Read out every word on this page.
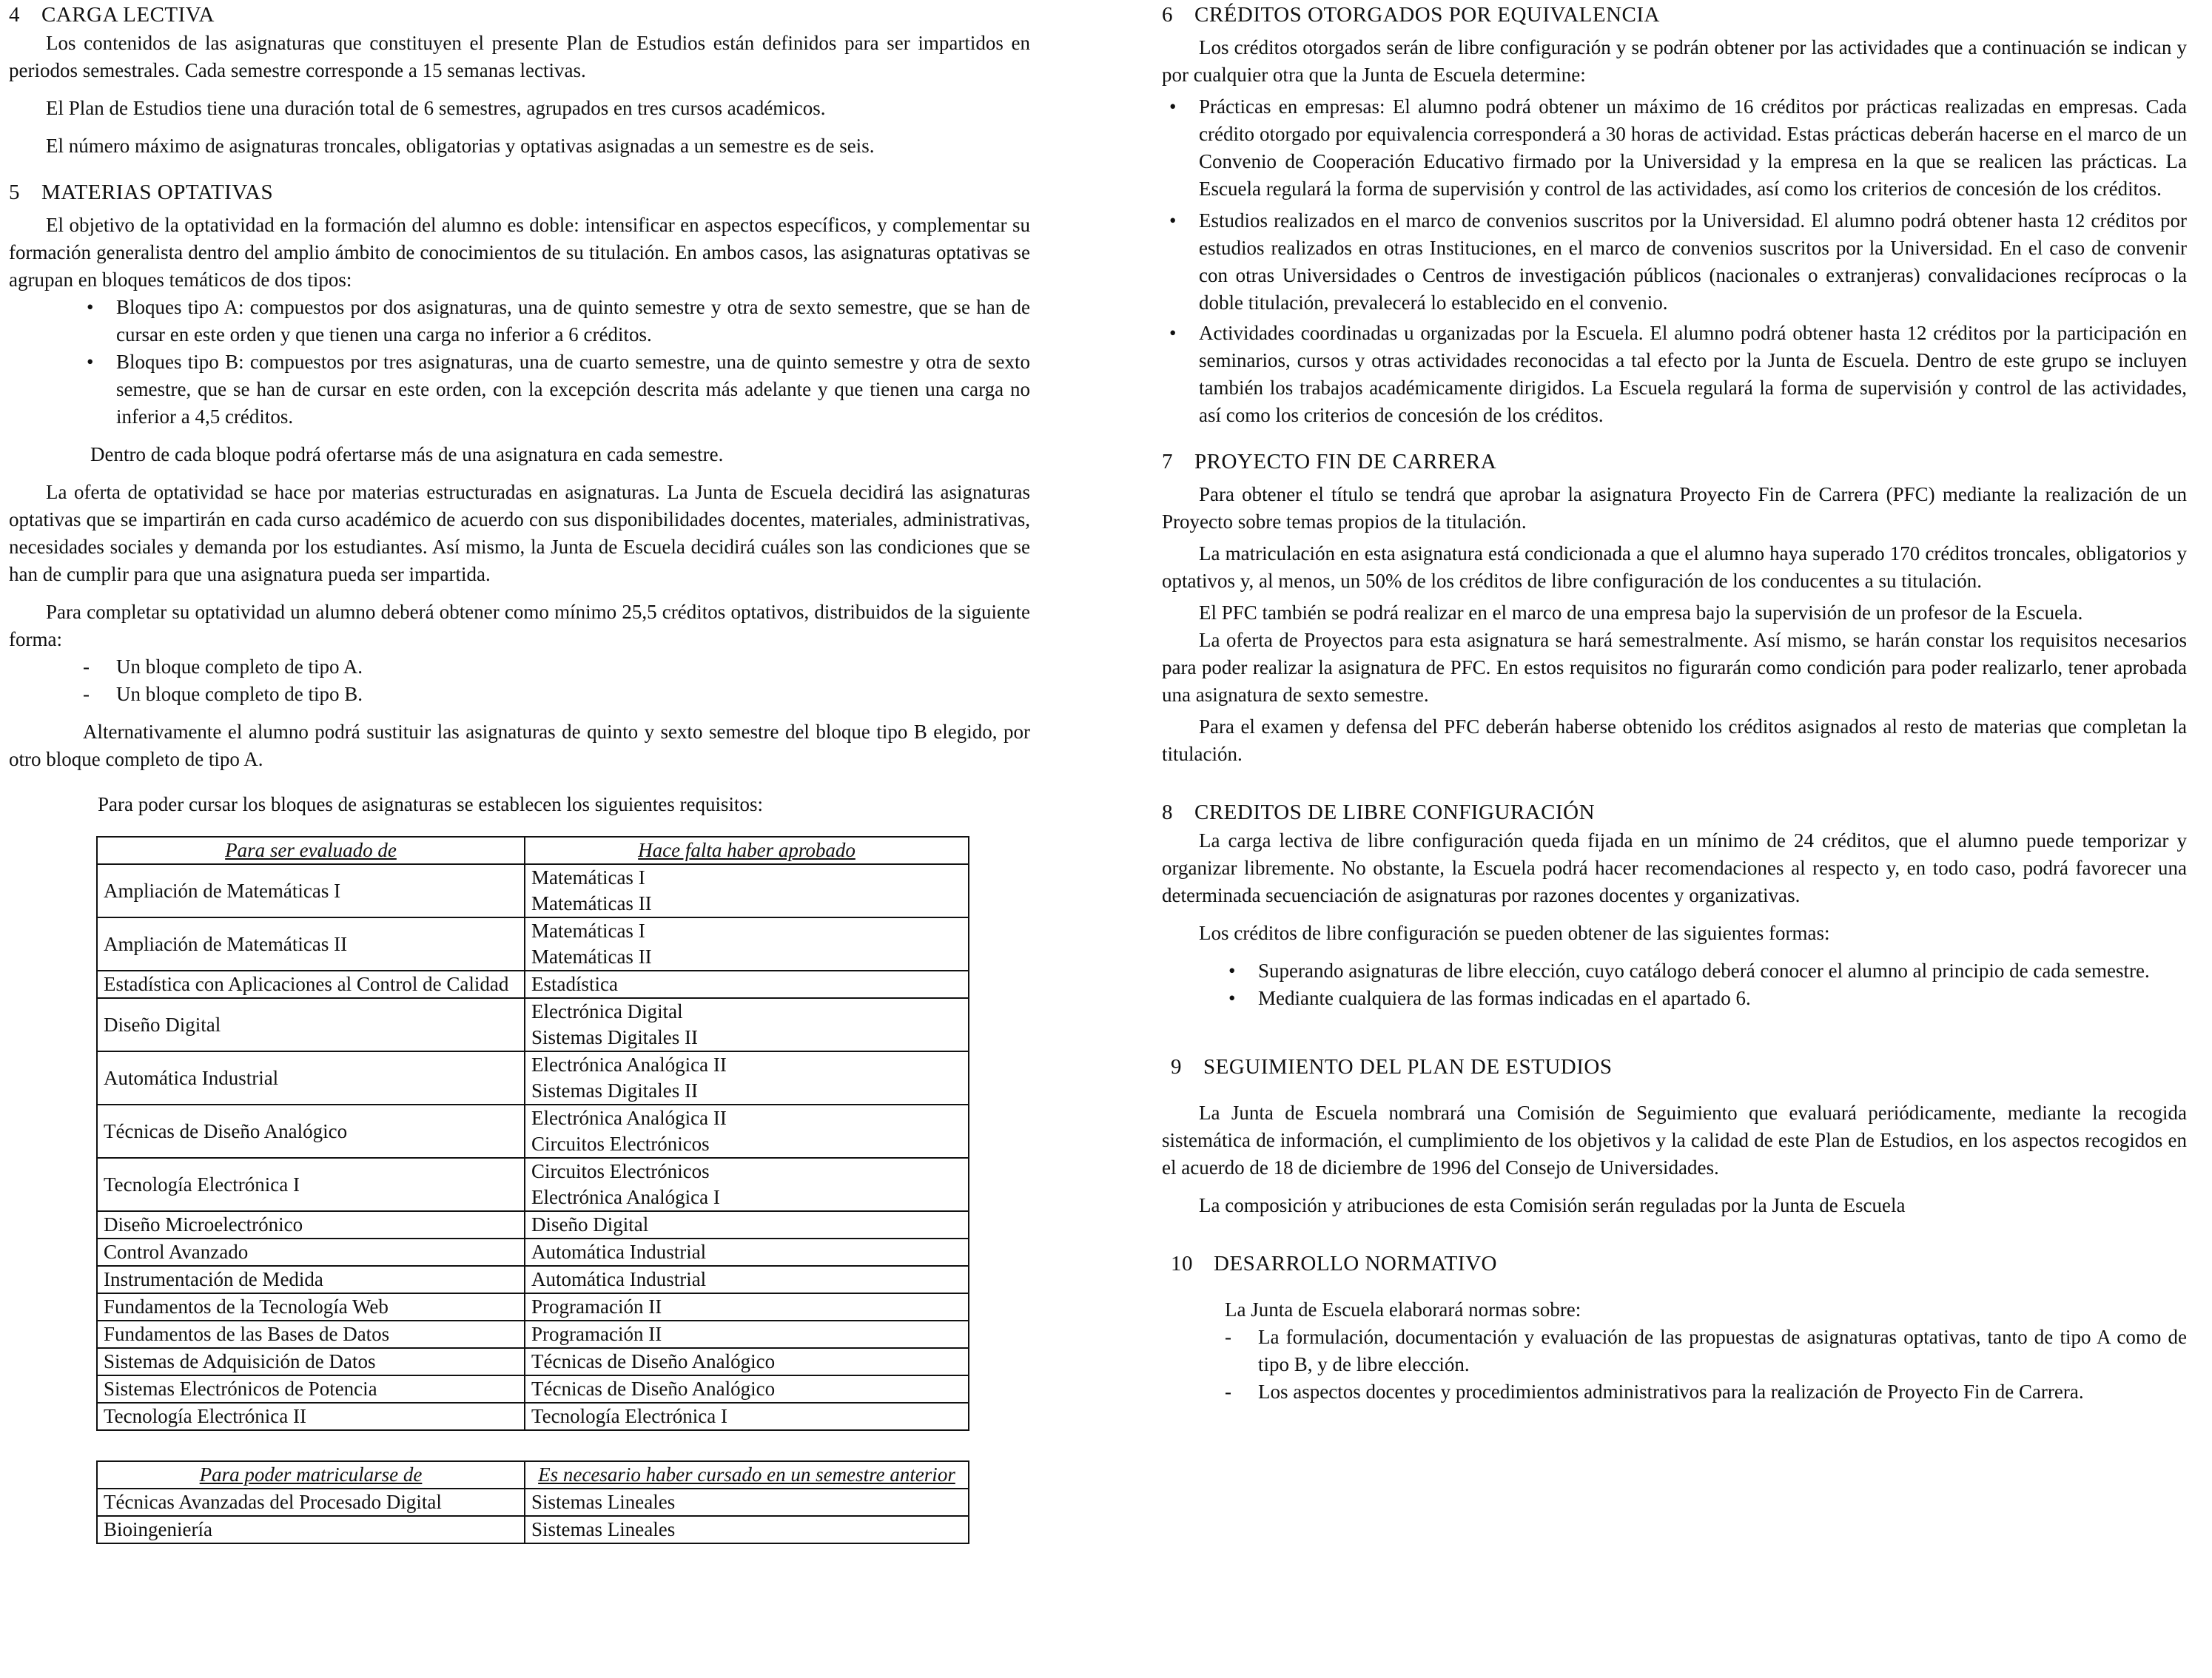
4 CARGA LECTIVA

Los contenidos de las asignaturas que constituyen el presente Plan de Estudios están definidos para ser impartidos en periodos semestrales. Cada semestre corresponde a 15 semanas lectivas.

El Plan de Estudios tiene una duración total de 6 semestres, agrupados en tres cursos académicos.

El número máximo de asignaturas troncales, obligatorias y optativas asignadas a un semestre es de seis.

5 MATERIAS OPTATIVAS

El objetivo de la optatividad en la formación del alumno es doble: intensificar en aspectos específicos, y complementar su formación generalista dentro del amplio ámbito de conocimientos de su titulación. En ambos casos, las asignaturas optativas se agrupan en bloques temáticos de dos tipos:

• Bloques tipo A: compuestos por dos asignaturas, una de quinto semestre y otra de sexto semestre, que se han de cursar en este orden y que tienen una carga no inferior a 6 créditos.
• Bloques tipo B: compuestos por tres asignaturas, una de cuarto semestre, una de quinto semestre y otra de sexto semestre, que se han de cursar en este orden, con la excepción descrita más adelante y que tienen una carga no inferior a 4,5 créditos.

Dentro de cada bloque podrá ofertarse más de una asignatura en cada semestre.

La oferta de optatividad se hace por materias estructuradas en asignaturas. La Junta de Escuela decidirá las asignaturas optativas que se impartirán en cada curso académico de acuerdo con sus disponibilidades docentes, materiales, administrativas, necesidades sociales y demanda por los estudiantes. Así mismo, la Junta de Escuela decidirá cuáles son las condiciones que se han de cumplir para que una asignatura pueda ser impartida.

Para completar su optatividad un alumno deberá obtener como mínimo 25,5 créditos optativos, distribuidos de la siguiente forma:

- Un bloque completo de tipo A.
- Un bloque completo de tipo B.

Alternativamente el alumno podrá sustituir las asignaturas de quinto y sexto semestre del bloque tipo B elegido, por otro bloque completo de tipo A.

Para poder cursar los bloques de asignaturas se establecen los siguientes requisitos:

Para ser evaluado de	Hace falta haber aprobado
Ampliación de Matemáticas I	Matemáticas I
Matemáticas II

Ampliación de Matemáticas II	Matemáticas I
Matemáticas II

Estadística con Aplicaciones al Control de Calidad	Estadística

Diseño Digital	Electrónica Digital
Sistemas Digitales II

Automática Industrial	Electrónica Analógica II
Sistemas Digitales II

Técnicas de Diseño Analógico	Electrónica Analógica II
Circuitos Electrónicos

Tecnología Electrónica I	Circuitos Electrónicos
Electrónica Analógica I

Diseño Microelectrónico	Diseño Digital

Control Avanzado	Automática Industrial

Instrumentación de Medida	Automática Industrial

Fundamentos de la Tecnología Web	Programación II

Fundamentos de las Bases de Datos	Programación II

Sistemas de Adquisición de Datos	Técnicas de Diseño Analógico

Sistemas Electrónicos de Potencia	Técnicas de Diseño Analógico

Tecnología Electrónica II	Tecnología Electrónica I
Para poder matricularse de	Es necesario haber cursado en un semestre anterior
Técnicas Avanzadas del Procesado Digital	Sistemas Lineales

Bioingeniería	Sistemas Lineales
6 CRÉDITOS OTORGADOS POR EQUIVALENCIA

Los créditos otorgados serán de libre configuración y se podrán obtener por las actividades que a continuación se indican y por cualquier otra que la Junta de Escuela determine:

• Prácticas en empresas: El alumno podrá obtener un máximo de 16 créditos por prácticas realizadas en empresas. Cada crédito otorgado por equivalencia corresponderá a 30 horas de actividad. Estas prácticas deberán hacerse en el marco de un Convenio de Cooperación Educativo firmado por la Universidad y la empresa en la que se realicen las prácticas. La Escuela regulará la forma de supervisión y control de las actividades, así como los criterios de concesión de los créditos.
• Estudios realizados en el marco de convenios suscritos por la Universidad. El alumno podrá obtener hasta 12 créditos por estudios realizados en otras Instituciones, en el marco de convenios suscritos por la Universidad. En el caso de convenir con otras Universidades o Centros de investigación públicos (nacionales o extranjeras) convalidaciones recíprocas o la doble titulación, prevalecerá lo establecido en el convenio.
• Actividades coordinadas u organizadas por la Escuela. El alumno podrá obtener hasta 12 créditos por la participación en seminarios, cursos y otras actividades reconocidas a tal efecto por la Junta de Escuela. Dentro de este grupo se incluyen también los trabajos académicamente dirigidos. La Escuela regulará la forma de supervisión y control de las actividades, así como los criterios de concesión de los créditos.
7 PROYECTO FIN DE CARRERA

Para obtener el título se tendrá que aprobar la asignatura Proyecto Fin de Carrera (PFC) mediante la realización de un Proyecto sobre temas propios de la titulación.

La matriculación en esta asignatura está condicionada a que el alumno haya superado 170 créditos troncales, obligatorios y optativos y, al menos, un 50% de los créditos de libre configuración de los conducentes a su titulación.

El PFC también se podrá realizar en el marco de una empresa bajo la supervisión de un profesor de la Escuela.

La oferta de Proyectos para esta asignatura se hará semestralmente. Así mismo, se harán constar los requisitos necesarios para poder realizar la asignatura de PFC. En estos requisitos no figurarán como condición para poder realizarlo, tener aprobada una asignatura de sexto semestre.

Para el examen y defensa del PFC deberán haberse obtenido los créditos asignados al resto de materias que completan la titulación.

8 CREDITOS DE LIBRE CONFIGURACIÓN

La carga lectiva de libre configuración queda fijada en un mínimo de 24 créditos, que el alumno puede temporizar y organizar libremente. No obstante, la Escuela podrá hacer recomendaciones al respecto y, en todo caso, podrá favorecer una determinada secuenciación de asignaturas por razones docentes y organizativas.

Los créditos de libre configuración se pueden obtener de las siguientes formas:

• Superando asignaturas de libre elección, cuyo catálogo deberá conocer el alumno al principio de cada semestre.
• Mediante cualquiera de las formas indicadas en el apartado 6.
9 SEGUIMIENTO DEL PLAN DE ESTUDIOS

La Junta de Escuela nombrará una Comisión de Seguimiento que evaluará periódicamente, mediante la recogida sistemática de información, el cumplimiento de los objetivos y la calidad de este Plan de Estudios, en los aspectos recogidos en el acuerdo de 18 de diciembre de 1996 del Consejo de Universidades.

La composición y atribuciones de esta Comisión serán reguladas por la Junta de Escuela

10 DESARROLLO NORMATIVO

La Junta de Escuela elaborará normas sobre:

- La formulación, documentación y evaluación de las propuestas de asignaturas optativas, tanto de tipo A como de tipo B, y de libre elección.
- Los aspectos docentes y procedimientos administrativos para la realización de Proyecto Fin de Carrera.
